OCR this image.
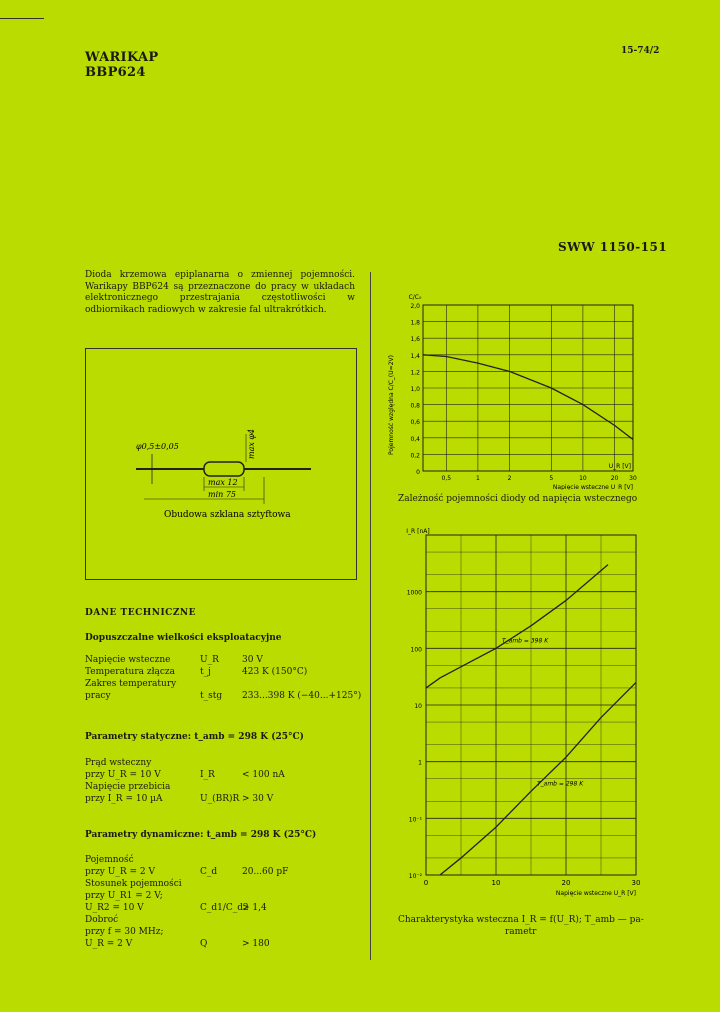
WARIKAP
BBP624
15-74/2
SWW 1150-151
Dioda krzemowa epiplanarna o zmiennej pojemności. Warikapy BBP624 są przeznaczone do pracy w układach elektronicznego przestrajania częstotliwości w odbiornikach radiowych w zakresie fal ultrakrótkich.
φ0,5±0,05	max φ4
max 12
min 75
Obudowa szklana sztyftowa
DANE TECHNICZNE
Dopuszczalne wielkości eksploatacyjne
Napięcie wsteczne	U_R	30 V
Temperatura złącza	t_j	423 K (150°C)
Zakres temperatury
pracy	t_stg 233...398 K (−40...+125°)
Parametry statyczne: t_amb = 298 K (25°C)
Prąd wsteczny
przy U_R = 10 V	I_R	< 100 nA
Napięcie przebicia
przy I_R = 10 µA	U_(BR)R > 30 V
Parametry dynamiczne: t_amb = 298 K (25°C)
Pojemność
przy U_R = 2 V	C_d	20...60 pF
Stosunek pojemności
przy U_R1 = 2 V;
U_R2 = 10 V	C_d1/C_d2
> 1,4
Dobroć
przy f = 30 MHz;
U_R = 2 V	Q	> 180
0
0,2
0,4
0,6
0,8
1,0
1,2
1,4
1,6
1,8
2,0
0,5	1	2	5	10	20 30
C/C₀
U_R [V]
Pojemność względna C/C_(U=2V)
Napięcie wsteczne U_R [V]
Zależność pojemności diody od napięcia wstecznego
10⁻²
10⁻¹
1
10
100
1000
0	10	20	30
I_R [nA]
Napięcie wsteczne U_R [V]
T_amb = 398 K
T_amb = 298 K
Charakterystyka wsteczna I_R = f(U_R); T_amb — pa-
rametr
